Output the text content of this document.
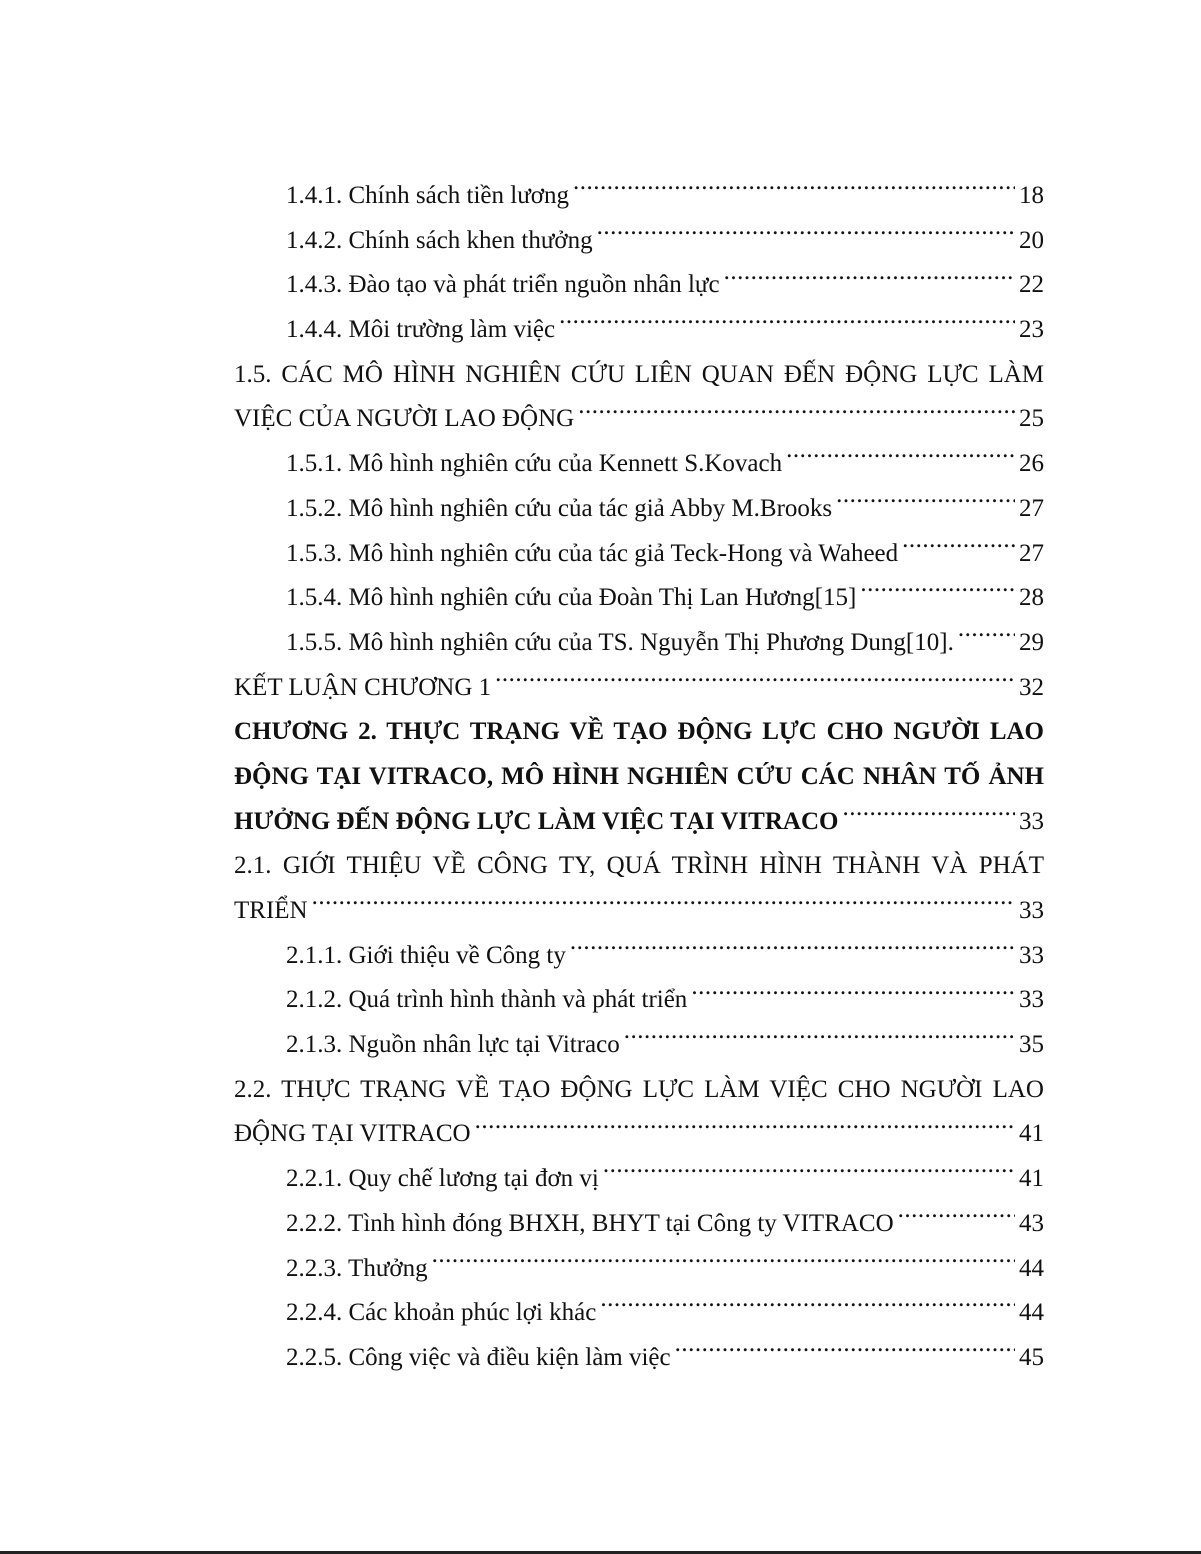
1.4.1. Chính sách tiền lương .....	18
1.4.2. Chính sách khen thưởng .....	20
1.4.3. Đào tạo và phát triển nguồn nhân lực .....	22
1.4.4. Môi trường làm việc .....	23
1.5. CÁC MÔ HÌNH NGHIÊN CỨU LIÊN QUAN ĐẾN ĐỘNG LỰC LÀM
VIỆC CỦA NGƯỜI LAO ĐỘNG .....	25
1.5.1. Mô hình nghiên cứu của Kennett S.Kovach .....	26
1.5.2. Mô hình nghiên cứu của tác giả Abby M.Brooks .....	27
1.5.3. Mô hình nghiên cứu của tác giả Teck-Hong và Waheed .....	27
1.5.4. Mô hình nghiên cứu của Đoàn Thị Lan Hương[15] .....	28
1.5.5. Mô hình nghiên cứu của TS. Nguyễn Thị Phương Dung[10]. .....	29
KẾT LUẬN CHƯƠNG 1 .....	32
CHƯƠNG 2. THỰC TRẠNG VỀ TẠO ĐỘNG LỰC CHO NGƯỜI LAO
ĐỘNG TẠI VITRACO, MÔ HÌNH NGHIÊN CỨU CÁC NHÂN TỐ ẢNH
HƯỞNG ĐẾN ĐỘNG LỰC LÀM VIỆC TẠI VITRACO .....	33
2.1. GIỚI THIỆU VỀ CÔNG TY, QUÁ TRÌNH HÌNH THÀNH VÀ PHÁT
TRIỂN .....	33
2.1.1. Giới thiệu về Công ty .....	33
2.1.2. Quá trình hình thành và phát triển .....	33
2.1.3. Nguồn nhân lực tại Vitraco .....	35
2.2. THỰC TRẠNG VỀ TẠO ĐỘNG LỰC LÀM VIỆC CHO NGƯỜI LAO
ĐỘNG TẠI VITRACO .....	41
2.2.1. Quy chế lương tại đơn vị .....	41
2.2.2. Tình hình đóng BHXH, BHYT tại Công ty VITRACO .....	43
2.2.3. Thưởng .....	44
2.2.4. Các khoản phúc lợi khác .....	44
2.2.5. Công việc và điều kiện làm việc .....	45
